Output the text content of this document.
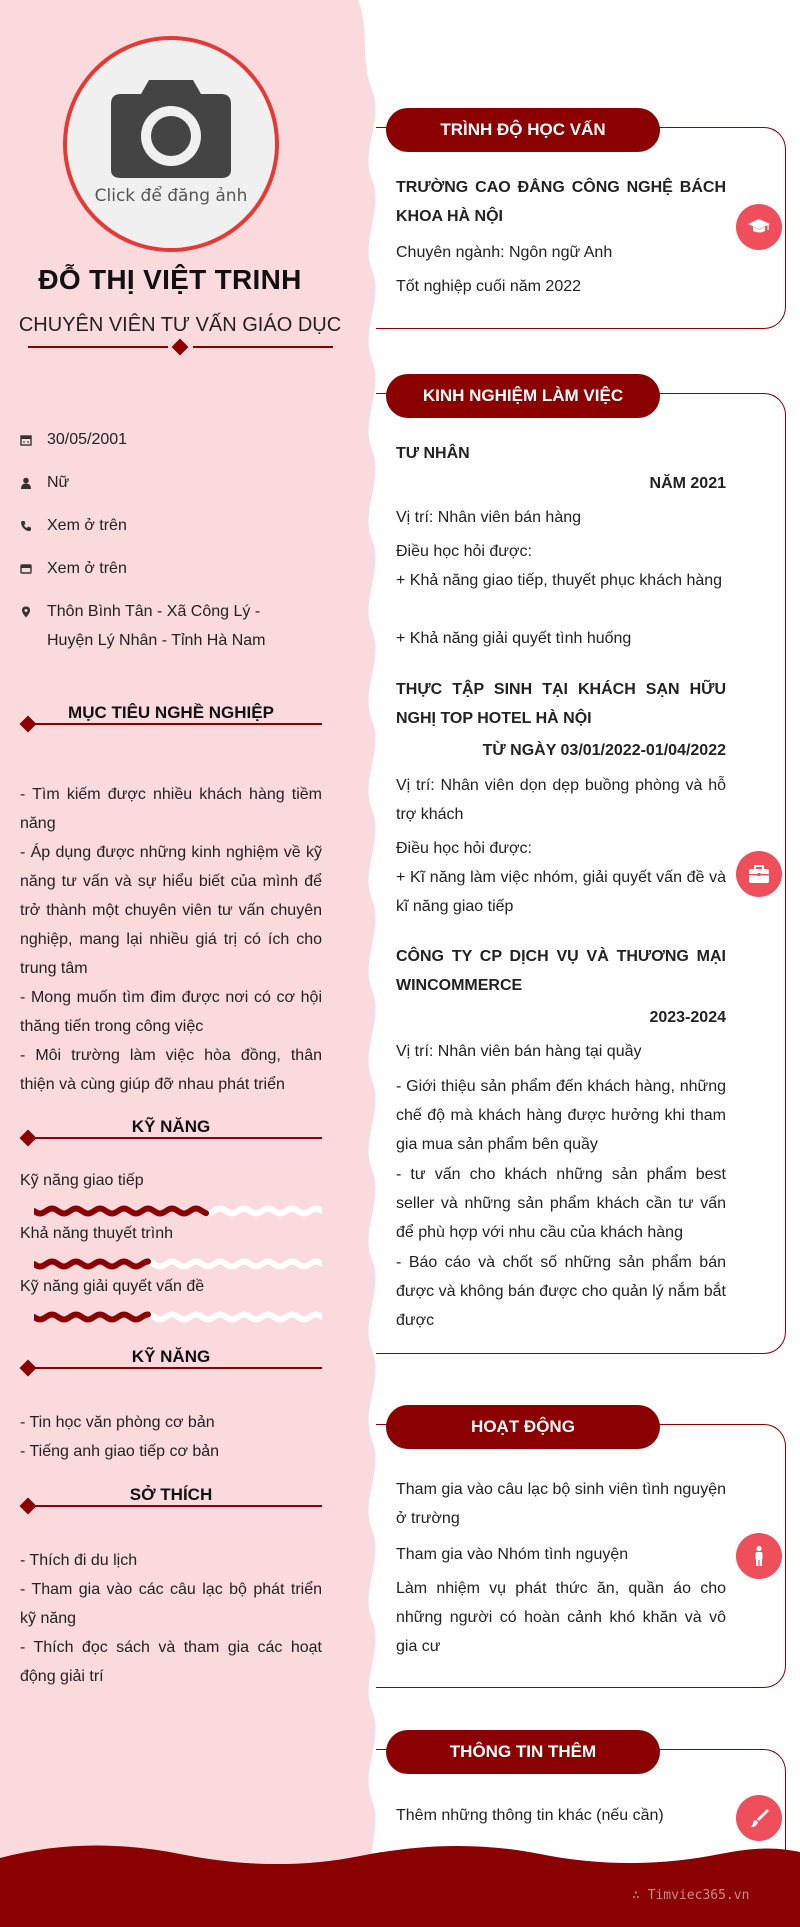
Click để đăng ảnh
ĐỖ THỊ VIỆT TRINH
CHUYÊN VIÊN TƯ VẤN GIÁO DỤC
30/05/2001
Nữ
Xem ở trên
Xem ở trên
Thôn Bình Tân - Xã Công Lý -
Huyện Lý Nhân - Tỉnh Hà Nam
MỤC TIÊU NGHỀ NGHIỆP
- Tìm kiếm được nhiều khách hàng tiềm năng
- Áp dụng được những kinh nghiệm về kỹ năng tư vấn và sự hiểu biết của mình để trở thành một chuyên viên tư vấn chuyên nghiệp, mang lại nhiều giá trị có ích cho trung tâm
- Mong muốn tìm đim được nơi có cơ hội thăng tiến trong công việc
- Môi trường làm việc hòa đồng, thân thiện và cùng giúp đỡ nhau phát triển
KỸ NĂNG
Kỹ năng giao tiếp
Khả năng thuyết trình
Kỹ năng giải quyết vấn đề
KỸ NĂNG
- Tin học văn phòng cơ bản
- Tiếng anh giao tiếp cơ bản
SỞ THÍCH
- Thích đi du lịch
- Tham gia vào các câu lạc bộ phát triển kỹ năng
- Thích đọc sách và tham gia các hoạt động giải trí
TRÌNH ĐỘ HỌC VẤN
TRƯỜNG CAO ĐẲNG CÔNG NGHỆ BÁCH KHOA HÀ NỘI
Chuyên ngành: Ngôn ngữ Anh
Tốt nghiệp cuối năm 2022
KINH NGHIỆM LÀM VIỆC
TƯ NHÂN
NĂM 2021
Vị trí: Nhân viên bán hàng
Điều học hỏi được:
+ Khả năng giao tiếp, thuyết phục khách hàng
+ Khả năng giải quyết tình huống
THỰC TẬP SINH TẠI KHÁCH SẠN HỮU NGHỊ TOP HOTEL HÀ NỘI
TỪ NGÀY 03/01/2022-01/04/2022
Vị trí: Nhân viên dọn dẹp buồng phòng và hỗ trợ khách
Điều học hỏi được:
+ Kĩ năng làm việc nhóm, giải quyết vấn đề và kĩ năng giao tiếp
CÔNG TY CP DỊCH VỤ VÀ THƯƠNG MẠI WINCOMMERCE
2023-2024
Vị trí: Nhân viên bán hàng tại quầy
- Giới thiệu sản phẩm đến khách hàng, những chế độ mà khách hàng được hưởng khi tham gia mua sản phẩm bên quầy
- tư vấn cho khách những sản phẩm best seller và những sản phẩm khách cần tư vấn để phù hợp với nhu cầu của khách hàng
- Báo cáo và chốt số những sản phẩm bán được và không bán được cho quản lý nắm bắt được
HOẠT ĐỘNG
Tham gia vào câu lạc bộ sinh viên tình nguyện ở trường
Tham gia vào Nhóm tình nguyện
Làm nhiệm vụ phát thức ăn, quần áo cho những người có hoàn cảnh khó khăn và vô gia cư
THÔNG TIN THÊM
Thêm những thông tin khác (nếu cần)
∴ Timviec365.vn
